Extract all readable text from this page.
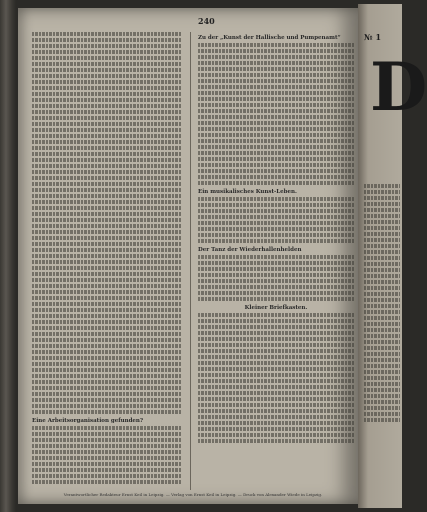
240
Eine Arbeitsorganisation gefunden?
Zu der „Kunst der Hallische und Pumpenamt“
Ein musikalisches Kunst-Leben.
Der Tanz der Wiederhallenhelden
Kleiner Briefkasten.
Verantwortlicher Redakteur Ernst Keil in Leipzig. — Verlag von Ernst Keil in Leipzig. — Druck von Alexander Wiede in Leipzig.
№ 1
D
